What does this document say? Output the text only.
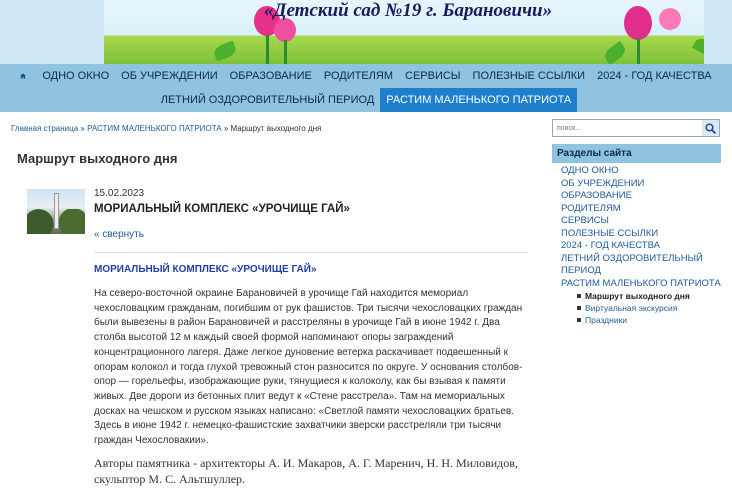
«Детский сад №19 г. Барановичи»
ОДНО ОКНО	ОБ УЧРЕЖДЕНИИ	ОБРАЗОВАНИЕ	РОДИТЕЛЯМ	СЕРВИСЫ	ПОЛЕЗНЫЕ ССЫЛКИ	2024 - ГОД КАЧЕСТВА
ЛЕТНИЙ ОЗДОРОВИТЕЛЬНЫЙ ПЕРИОД	РАСТИМ МАЛЕНЬКОГО ПАТРИОТА
Главная страница » РАСТИМ МАЛЕНЬКОГО ПАТРИОТА » Маршрут выходного дня
Маршрут выходного дня
15.02.2023
МОРИАЛЬНЫЙ КОМПЛЕКС «УРОЧИЩЕ ГАЙ»
« свернуть
МОРИАЛЬНЫЙ КОМПЛЕКС «УРОЧИЩЕ ГАЙ»
На северо-восточной окраине Барановичей в урочище Гай находится мемориал чехословацким гражданам, погибшим от рук фашистов. Три тысячи чехословацких граждан были вывезены в район Барановичей и расстреляны в урочище Гай в июне 1942 г. Два столба высотой 12 м каждый своей формой напоминают опоры заграждений концентрационного лагеря. Даже легкое дуновение ветерка раскачивает подвешенный к опорам колокол и тогда глухой тревожный стон разносится по округе. У основания столбов-опор — горельефы, изображающие руки, тянущиеся к колоколу, как бы взывая к памяти живых. Две дороги из бетонных плит ведут к «Стене расстрела». Там на мемориальных досках на чешском и русском языках написано: «Светлой памяти чехословацких братьев. Здесь в июне 1942 г. немецко-фашистские захватчики зверски расстреляли три тысячи граждан Чехословакии».
Авторы памятника - архитекторы А. И. Макаров, А. Г. Маренич, Н. Н. Миловидов, скульптор М. С. Альтшуллер.
поиск...
Разделы сайта
ОДНО ОКНО
ОБ УЧРЕЖДЕНИИ
ОБРАЗОВАНИЕ
РОДИТЕЛЯМ
СЕРВИСЫ
ПОЛЕЗНЫЕ ССЫЛКИ
2024 - ГОД КАЧЕСТВА
ЛЕТНИЙ ОЗДОРОВИТЕЛЬНЫЙ ПЕРИОД
РАСТИМ МАЛЕНЬКОГО ПАТРИОТА
Маршрут выходного дня
Виртуальная экскурсия
Праздники
